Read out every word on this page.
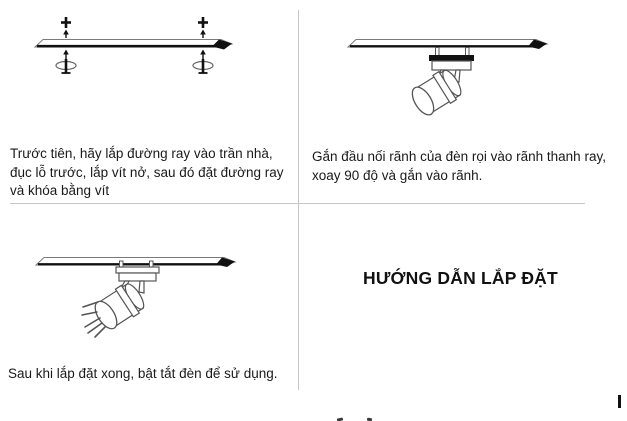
Trước tiên, hãy lắp đường ray vào trần nhà,
đục lỗ trước, lắp vít nở, sau đó đặt đường ray
và khóa bằng vít
Gắn đầu nối rãnh của đèn rọi vào rãnh thanh ray,
xoay 90 độ và gắn vào rãnh.
Sau khi lắp đặt xong, bật tắt đèn để sử dụng.
HƯỚNG DẪN LẮP ĐẶT
